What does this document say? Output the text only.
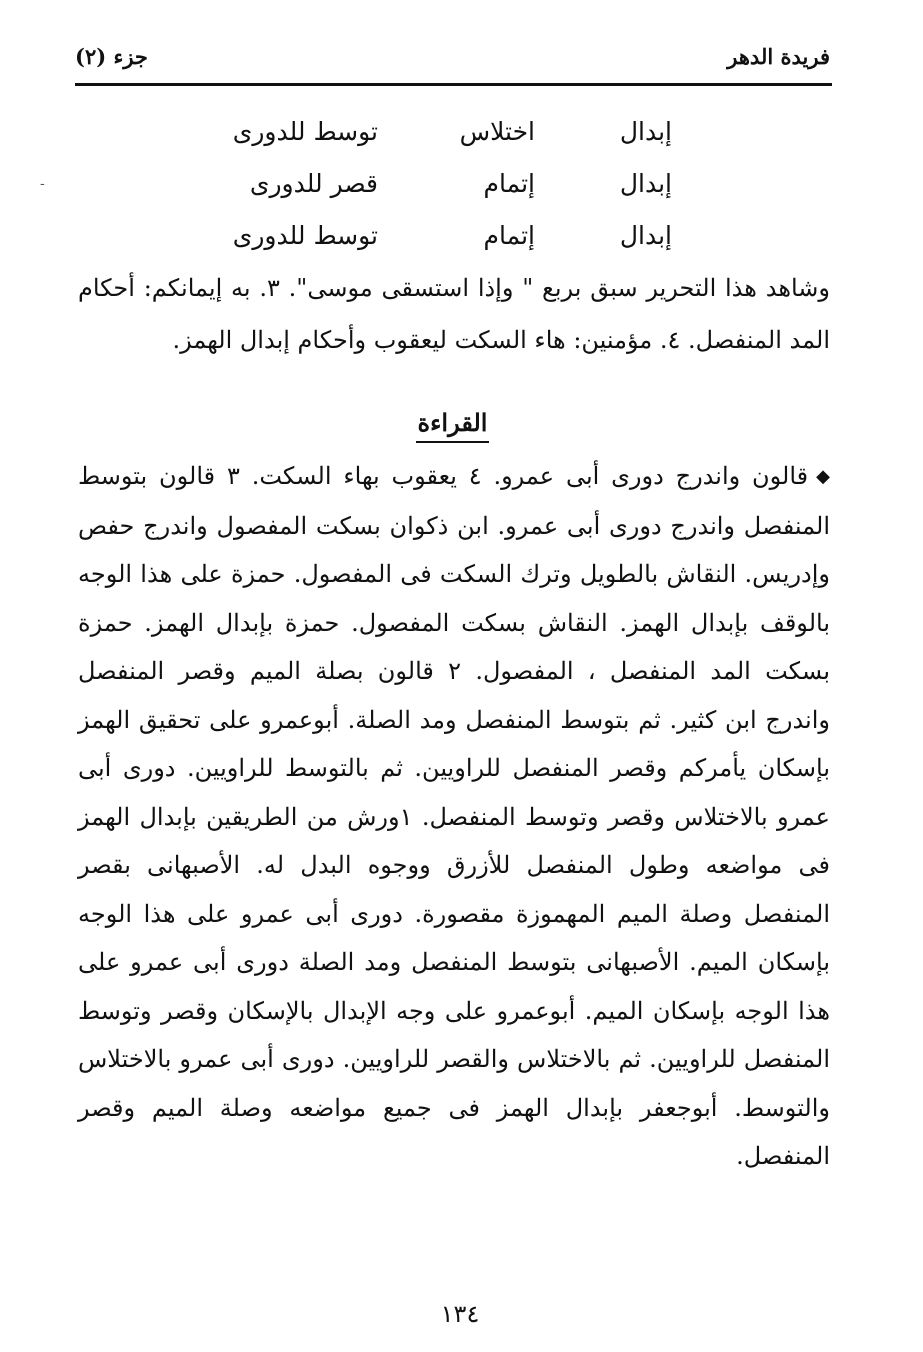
فريدة الدهر
جزء (٢)
-
إبدال
اختلاس
توسط للدورى
إبدال
إتمام
قصر للدورى
إبدال
إتمام
توسط للدورى
وشاهد هذا التحرير سبق بربع " وإذا استسقى موسى". ٣. به إيمانكم: أحكام المد المنفصل. ٤. مؤمنين: هاء السكت ليعقوب وأحكام إبدال الهمز.
القراءة
◆قالون واندرج دورى أبى عمرو. ٤ يعقوب بهاء السكت. ٣ قالون بتوسط المنفصل واندرج دورى أبى عمرو. ابن ذكوان بسكت المفصول واندرج حفص وإدريس. النقاش بالطويل وترك السكت فى المفصول. حمزة على هذا الوجه بالوقف بإبدال الهمز. النقاش بسكت المفصول. حمزة بإبدال الهمز. حمزة بسكت المد المنفصل ، المفصول. ٢ قالون بصلة الميم وقصر المنفصل واندرج ابن كثير. ثم بتوسط المنفصل ومد الصلة. أبوعمرو على تحقيق الهمز بإسكان يأمركم وقصر المنفصل للراويين. ثم بالتوسط للراويين. دورى أبى عمرو بالاختلاس وقصر وتوسط المنفصل. ١ورش من الطريقين بإبدال الهمز فى مواضعه وطول المنفصل للأزرق ووجوه البدل له. الأصبهانى بقصر المنفصل وصلة الميم المهموزة مقصورة. دورى أبى عمرو على هذا الوجه بإسكان الميم. الأصبهانى بتوسط المنفصل ومد الصلة دورى أبى عمرو على هذا الوجه بإسكان الميم. أبوعمرو على وجه الإبدال بالإسكان وقصر وتوسط المنفصل للراويين. ثم بالاختلاس والقصر للراويين. دورى أبى عمرو بالاختلاس والتوسط. أبوجعفر بإبدال الهمز فى جميع مواضعه وصلة الميم وقصر المنفصل.
١٣٤
